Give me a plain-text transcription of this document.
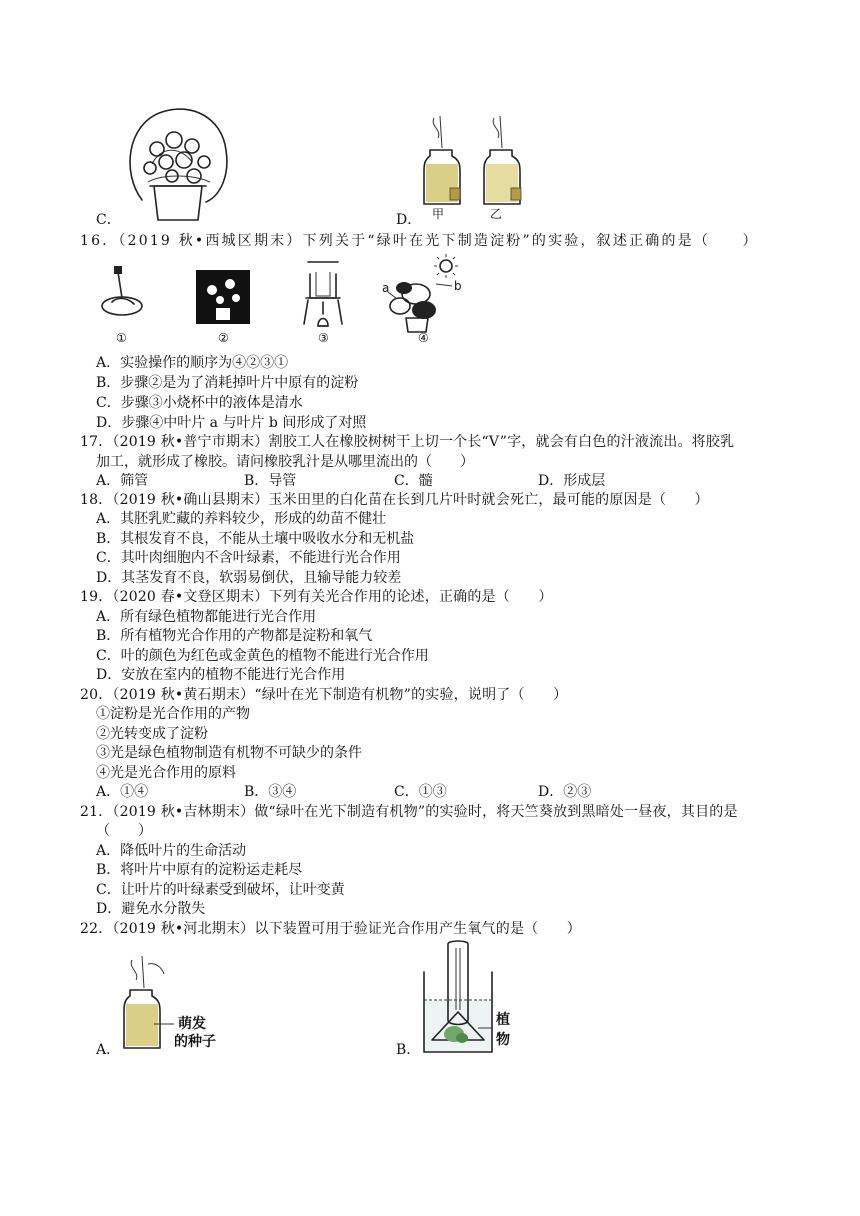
C．	甲	乙
D．
16．（2019 秋•西城区期末）下列关于“绿叶在光下制造淀粉”的实验，叙述正确的是（　　）
①	②	③
a	b
④
A．实验操作的顺序为④②③①
B．步骤②是为了消耗掉叶片中原有的淀粉
C．步骤③小烧杯中的液体是清水
D．步骤④中叶片 a 与叶片 b 间形成了对照
17．（2019 秋•普宁市期末）割胶工人在橡胶树树干上切一个长“V”字，就会有白色的汁液流出。将胶乳
加工，就形成了橡胶。请问橡胶乳汁是从哪里流出的（　　）
A．筛管	B．导管	C．髓	D．形成层
18．（2019 秋•确山县期末）玉米田里的白化苗在长到几片叶时就会死亡，最可能的原因是（　　）
A．其胚乳贮藏的养料较少，形成的幼苗不健壮
B．其根发育不良，不能从土壤中吸收水分和无机盐
C．其叶肉细胞内不含叶绿素，不能进行光合作用
D．其茎发育不良，软弱易倒伏，且输导能力较差
19．（2020 春•文登区期末）下列有关光合作用的论述，正确的是（　　）
A．所有绿色植物都能进行光合作用
B．所有植物光合作用的产物都是淀粉和氧气
C．叶的颜色为红色或金黄色的植物不能进行光合作用
D．安放在室内的植物不能进行光合作用
20．（2019 秋•黄石期末）“绿叶在光下制造有机物”的实验，说明了（　　）
①淀粉是光合作用的产物
②光转变成了淀粉
③光是绿色植物制造有机物不可缺少的条件
④光是光合作用的原料
A．①④	B．③④	C．①③	D．②③
21．（2019 秋•吉林期末）做“绿叶在光下制造有机物”的实验时，将天竺葵放到黑暗处一昼夜，其目的是
（　　）
A．降低叶片的生命活动
B．将叶片中原有的淀粉运走耗尽
C．让叶片的叶绿素受到破坏，让叶变黄
D．避免水分散失
22．（2019 秋•河北期末）以下装置可用于验证光合作用产生氧气的是（　　）
萌发
的种子
A．
植
物
B．
